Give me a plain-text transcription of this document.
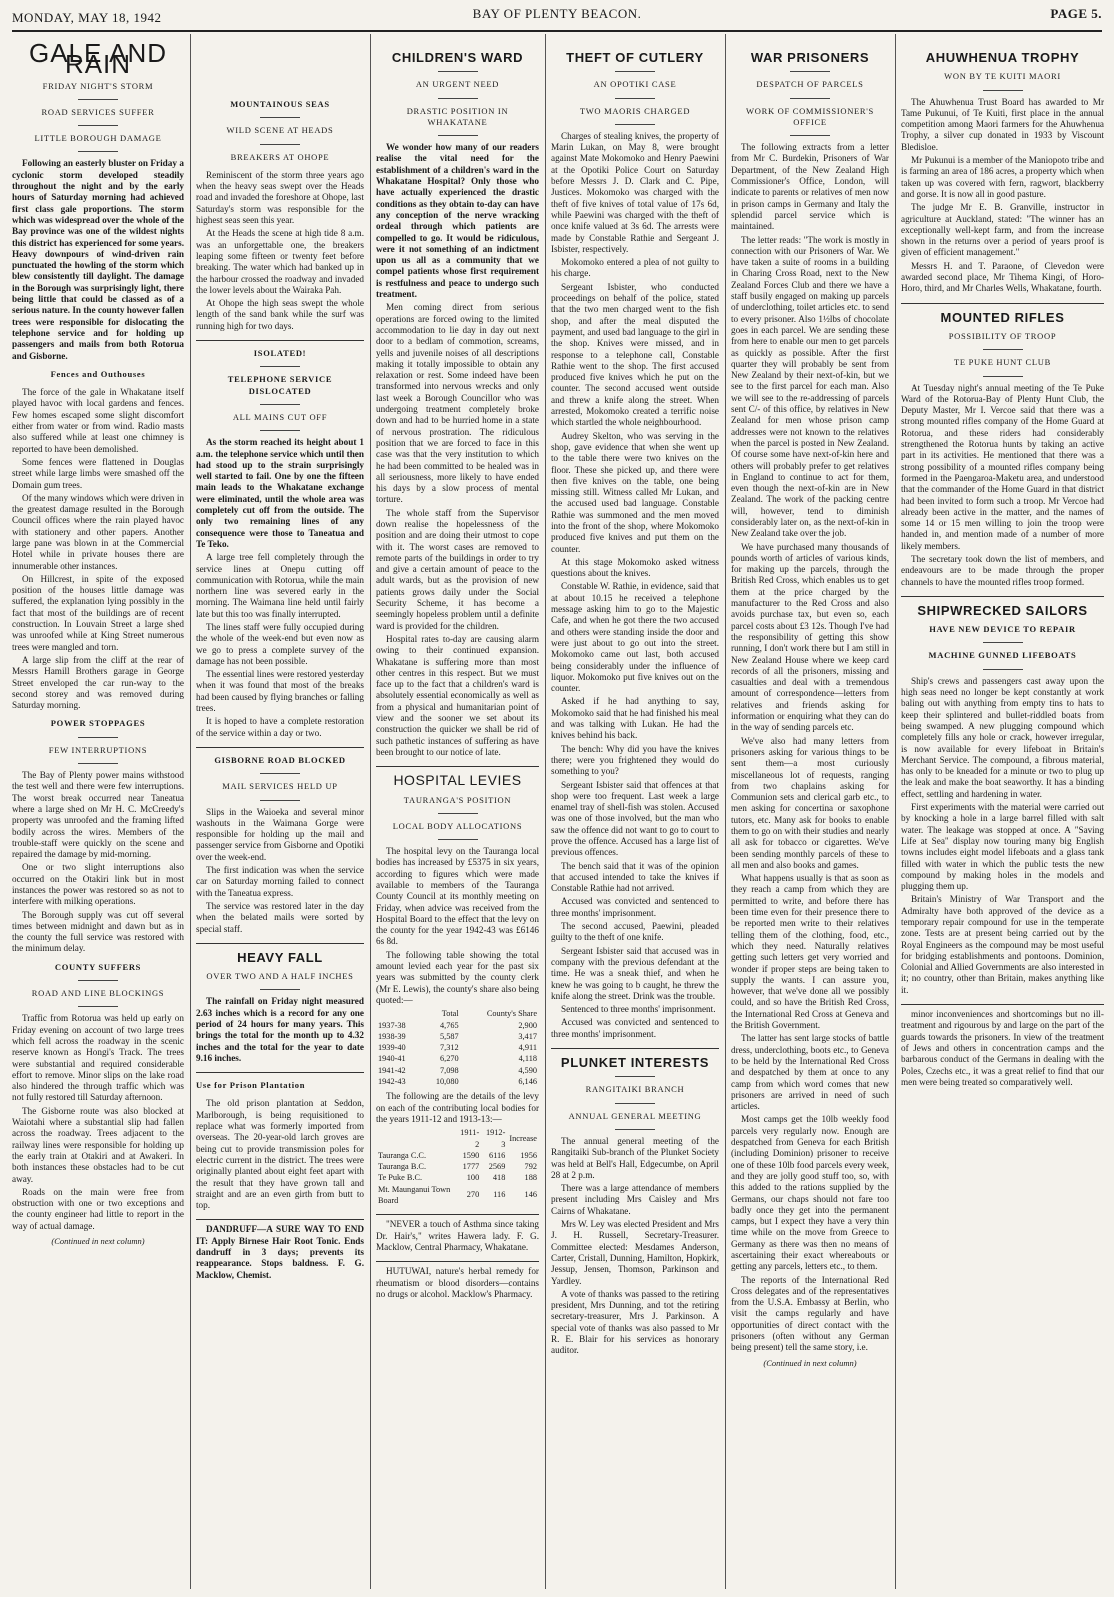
MONDAY, MAY 18, 1942	BAY OF PLENTY BEACON.	PAGE 5.
GALE AND RAIN
FRIDAY NIGHT'S STORM
ROAD SERVICES SUFFER
LITTLE BOROUGH DAMAGE

Following an easterly bluster on Friday a cyclonic storm developed steadily throughout the night and by the early hours of Saturday morning had achieved first class gale proportions. The storm which was widespread over the whole of the Bay province was one of the wildest nights this district has experienced for some years. Heavy downpours of wind-driven rain punctuated the howling of the storm which blew consistently till daylight. The damage in the Borough was surprisingly light, there being little that could be classed as of a serious nature. In the county however fallen trees were responsible for dislocating the telephone service and for holding up passengers and mails from both Rotorua and Gisborne.

Fences and Outhouses

The force of the gale in Whakatane itself played havoc with local gardens and fences. Few homes escaped some slight discomfort either from water or from wind. Radio masts also suffered while at least one chimney is reported to have been demolished.

Some fences were flattened in Douglas street while large limbs were smashed off the Domain gum trees.

Of the many windows which were driven in the greatest damage resulted in the Borough Council offices where the rain played havoc with stationery and other papers. Another large pane was blown in at the Commercial Hotel while in private houses there are innumerable other instances.

On Hillcrest, in spite of the exposed position of the houses little damage was suffered, the explanation lying possibly in the fact that most of the buildings are of recent construction. In Louvain Street a large shed was unroofed while at King Street numerous trees were mangled and torn.

A large slip from the cliff at the rear of Messrs Hamill Brothers garage in George Street enveloped the car run-way to the second storey and was removed during Saturday morning.

POWER STOPPAGES
FEW INTERRUPTIONS

The Bay of Plenty power mains withstood the test well and there were few interruptions. The worst break occurred near Taneatua where a large shed on Mr H. C. McCreedy's property was unroofed and the framing lifted bodily across the wires. Members of the trouble-staff were quickly on the scene and repaired the damage by mid-morning.

One or two slight interruptions also occurred on the Otakiri link but in most instances the power was restored so as not to interfere with milking operations.

The Borough supply was cut off several times between midnight and dawn but as in the county the full service was restored with the minimum delay.

COUNTY SUFFERS
ROAD AND LINE BLOCKINGS

Traffic from Rotorua was held up early on Friday evening on account of two large trees which fell across the roadway in the scenic reserve known as Hongi's Track. The trees were substantial and required considerable effort to remove. Minor slips on the lake road also hindered the through traffic which was not fully restored till Saturday afternoon.

The Gisborne route was also blocked at Waiotahi where a substantial slip had fallen across the roadway. Trees adjacent to the railway lines were responsible for holding up the early train at Otakiri and at Awakeri. In both instances these obstacles had to be cut away.

Roads on the main were free from obstruction with one or two exceptions and the county engineer had little to report in the way of actual damage.

(Continued in next column)
MOUNTAINOUS SEAS
WILD SCENE AT HEADS
BREAKERS AT OHOPE

Reminiscent of the storm three years ago when the heavy seas swept over the Heads road and invaded the foreshore at Ohope, last Saturday's storm was responsible for the highest seas seen this year.

At the Heads the scene at high tide 8 a.m. was an unforgettable one, the breakers leaping some fifteen or twenty feet before breaking. The water which had banked up in the harbour crossed the roadway and invaded the lower levels about the Wairaka Pah.

At Ohope the high seas swept the whole length of the sand bank while the surf was running high for two days.

ISOLATED!
TELEPHONE SERVICE DISLOCATED
ALL MAINS CUT OFF

As the storm reached its height about 1 a.m. the telephone service which until then had stood up to the strain surprisingly well started to fail. One by one the fifteen main leads to the Whakatane exchange were eliminated, until the whole area was completely cut off from the outside. The only two remaining lines of any consequence were those to Taneatua and Te Teko.

A large tree fell completely through the service lines at Onepu cutting off communication with Rotorua, while the main northern line was severed early in the morning. The Waimana line held until fairly late but this too was finally interrupted.

The lines staff were fully occupied during the whole of the week-end but even now as we go to press a complete survey of the damage has not been possible.

The essential lines were restored yesterday when it was found that most of the breaks had been caused by flying branches or falling trees.

It is hoped to have a complete restoration of the service within a day or two.

GISBORNE ROAD BLOCKED
MAIL SERVICES HELD UP

Slips in the Waioeka and several minor washouts in the Waimana Gorge were responsible for holding up the mail and passenger service from Gisborne and Opotiki over the week-end.

The first indication was when the service car on Saturday morning failed to connect with the Taneatua express.

The service was restored later in the day when the belated mails were sorted by special staff.

HEAVY FALL
OVER TWO AND A HALF INCHES

The rainfall on Friday night measured 2.63 inches which is a record for any one period of 24 hours for many years. This brings the total for the month up to 4.32 inches and the total for the year to date 9.16 inches.

Use for Prison Plantation

The old prison plantation at Seddon, Marlborough, is being requisitioned to replace what was formerly imported from overseas. The 20-year-old larch groves are being cut to provide transmission poles for electric current in the district. The trees were originally planted about eight feet apart with the result that they have grown tall and straight and are an even girth from butt to top.

DANDRUFF—A SURE WAY TO END IT: Apply Birnese Hair Root Tonic. Ends dandruff in 3 days; prevents its reappearance. Stops baldness. F. G. Macklow, Chemist.

CHILDREN'S WARD
AN URGENT NEED
DRASTIC POSITION IN WHAKATANE

We wonder how many of our readers realise the vital need for the establishment of a children's ward in the Whakatane Hospital? Only those who have actually experienced the drastic conditions as they obtain to-day can have any conception of the nerve wracking ordeal through which patients are compelled to go. It would be ridiculous, were it not something of an indictment upon us all as a community that we compel patients whose first requirement is restfulness and peace to undergo such treatment.

Men coming direct from serious operations are forced owing to the limited accommodation to lie day in day out next door to a bedlam of commotion, screams, yells and juvenile noises of all descriptions making it totally impossible to obtain any relaxation or rest. Some indeed have been transformed into nervous wrecks and only last week a Borough Councillor who was undergoing treatment completely broke down and had to be hurried home in a state of nervous prostration. The ridiculous position that we are forced to face in this case was that the very institution to which he had been committed to be healed was in all seriousness, more likely to have ended his days by a slow process of mental torture.

The whole staff from the Supervisor down realise the hopelessness of the position and are doing their utmost to cope with it. The worst cases are removed to remote parts of the buildings in order to try and give a certain amount of peace to the adult wards, but as the provision of new patients grows daily under the Social Security Scheme, it has become a seemingly hopeless problem until a definite ward is provided for the children.

Hospital rates to-day are causing alarm owing to their continued expansion. Whakatane is suffering more than most other centres in this respect. But we must face up to the fact that a children's ward is absolutely essential economically as well as from a physical and humanitarian point of view and the sooner we set about its construction the quicker we shall be rid of such pathetic instances of suffering as have been brought to our notice of late.

HOSPITAL LEVIES
TAURANGA'S POSITION
LOCAL BODY ALLOCATIONS

The hospital levy on the Tauranga local bodies has increased by £5375 in six years, according to figures which were made available to members of the Tauranga County Council at its monthly meeting on Friday, when advice was received from the Hospital Board to the effect that the levy on the county for the year 1942-43 was £6146 6s 8d.

The following table showing the total amount levied each year for the past six years was submitted by the county clerk (Mr E. Lewis), the county's share also being quoted:—

	Total	County's Share
1937-38	4,765	2,900
1938-39	5,587	3,417
1939-40	7,312	4,911
1940-41	6,270	4,118
1941-42	7,098	4,590
1942-43	10,080	6,146

The following are the details of the levy on each of the contributing local bodies for the years 1911-12 and 1913-13:—

	1911-2	1912-3	Increase
Tauranga C.C.	1590	6116	1956
Tauranga B.C.	1777	2569	792
Te Puke B.C.	100	418	188
Mt. Maunganui Town Board	270	116	146

"NEVER a touch of Asthma since taking Dr. Hair's," writes Hawera lady. F. G. Macklow, Central Pharmacy, Whakatane.

HUTUWAI, nature's herbal remedy for rheumatism or blood disorders—contains no drugs or alcohol. Macklow's Pharmacy.

THEFT OF CUTLERY
AN OPOTIKI CASE
TWO MAORIS CHARGED

Charges of stealing knives, the property of Marin Lukan, on May 8, were brought against Mate Mokomoko and Henry Paewini at the Opotiki Police Court on Saturday before Messrs J. D. Clark and C. Pipe, Justices. Mokomoko was charged with the theft of five knives of total value of 17s 6d, while Paewini was charged with the theft of once knife valued at 3s 6d. The arrests were made by Constable Rathie and Sergeant J. Isbister, respectively.

Mokomoko entered a plea of not guilty to his charge.

Sergeant Isbister, who conducted proceedings on behalf of the police, stated that the two men charged went to the fish shop, and after the meal disputed the payment, and used bad language to the girl in the shop. Knives were missed, and in response to a telephone call, Constable Rathie went to the shop. The first accused produced five knives which he put on the counter. The second accused went outside and threw a knife along the street. When arrested, Mokomoko created a terrific noise which startled the whole neighbourhood.

Audrey Skelton, who was serving in the shop, gave evidence that when she went up to the table there were two knives on the floor. These she picked up, and there were then five knives on the table, one being missing still. Witness called Mr Lukan, and the accused used bad language. Constable Rathie was summoned and the men moved into the front of the shop, where Mokomoko produced five knives and put them on the counter.

At this stage Mokomoko asked witness questions about the knives.

Constable W. Rathie, in evidence, said that at about 10.15 he received a telephone message asking him to go to the Majestic Cafe, and when he got there the two accused and others were standing inside the door and were just about to go out into the street. Mokomoko came out last, both accused being considerably under the influence of liquor. Mokomoko put five knives out on the counter.

Asked if he had anything to say, Mokomoko said that he had finished his meal and was talking with Lukan. He had the knives behind his back.

The bench: Why did you have the knives there; were you frightened they would do something to you?

Sergeant Isbister said that offences at that shop were too frequent. Last week a large enamel tray of shell-fish was stolen. Accused was one of those involved, but the man who saw the offence did not want to go to court to prove the offence. Accused has a large list of previous offences.

The bench said that it was of the opinion that accused intended to take the knives if Constable Rathie had not arrived.

Accused was convicted and sentenced to three months' imprisonment.

The second accused, Paewini, pleaded guilty to the theft of one knife.

Sergeant Isbister said that accused was in company with the previous defendant at the time. He was a sneak thief, and when he knew he was going to b caught, he threw the knife along the street. Drink was the trouble.

Sentenced to three months' imprisonment.

Accused was convicted and sentenced to three months' imprisonment.

PLUNKET INTERESTS
RANGITAIKI BRANCH
ANNUAL GENERAL MEETING

The annual general meeting of the Rangitaiki Sub-branch of the Plunket Society was held at Bell's Hall, Edgecumbe, on April 28 at 2 p.m.

There was a large attendance of members present including Mrs Caisley and Mrs Cairns of Whakatane.

Mrs W. Ley was elected President and Mrs J. H. Russell, Secretary-Treasurer. Committee elected: Mesdames Anderson, Carter, Cristall, Dunning, Hamilton, Hopkirk, Jessup, Jensen, Thomson, Parkinson and Yardley.

A vote of thanks was passed to the retiring president, Mrs Dunning, and tot the retiring secretary-treasurer, Mrs J. Parkinson. A special vote of thanks was also passed to Mr R. E. Blair for his services as honorary auditor.

WAR PRISONERS
DESPATCH OF PARCELS
WORK OF COMMISSIONER'S OFFICE

The following extracts from a letter from Mr C. Burdekin, Prisoners of War Department, of the New Zealand High Commissioner's Office, London, will indicate to parents or relatives of men now in prison camps in Germany and Italy the splendid parcel service which is maintained.

The letter reads: "The work is mostly in connection with our Prisoners of War. We have taken a suite of rooms in a building in Charing Cross Road, next to the New Zealand Forces Club and there we have a staff busily engaged on making up parcels of underclothing, toilet articles etc. to send to every prisoner. Also 1½lbs of chocolate goes in each parcel. We are sending these from here to enable our men to get parcels as quickly as possible. After the first quarter they will probably be sent from New Zealand by their next-of-kin, but we see to the first parcel for each man. Also we will see to the re-addressing of parcels sent C/- of this office, by relatives in New Zealand for men whose prison camp addresses were not known to the relatives when the parcel is posted in New Zealand. Of course some have next-of-kin here and others will probably prefer to get relatives in England to continue to act for them, even though the next-of-kin are in New Zealand. The work of the packing centre will, however, tend to diminish considerably later on, as the next-of-kin in New Zealand take over the job.

We have purchased many thousands of pounds worth of articles of various kinds, for making up the parcels, through the British Red Cross, which enables us to get them at the price charged by the manufacturer to the Red Cross and also avoids purchase tax, but even so, each parcel costs about £3 12s. Though I've had the responsibility of getting this show running, I don't work there but I am still in New Zealand House where we keep card records of all the prisoners, missing and casualties and deal with a tremendous amount of correspondence—letters from relatives and friends asking for information or enquiring what they can do in the way of sending parcels etc.

We've also had many letters from prisoners asking for various things to be sent them—a most curiously miscellaneous lot of requests, ranging from two chaplains asking for Communion sets and clerical garb etc., to men asking for concertina or saxophone tutors, etc. Many ask for books to enable them to go on with their studies and nearly all ask for tobacco or cigarettes. We've been sending monthly parcels of these to all men and also books and games.

What happens usually is that as soon as they reach a camp from which they are permitted to write, and before there has been time even for their presence there to be reported men write to their relatives telling them of the clothing, food, etc., which they need. Naturally relatives getting such letters get very worried and wonder if proper steps are being taken to supply the wants. I can assure you, however, that we've done all we possibly could, and so have the British Red Cross, the International Red Cross at Geneva and the British Government.

The latter has sent large stocks of battle dress, underclothing, boots etc., to Geneva to be held by the International Red Cross and despatched by them at once to any camp from which word comes that new prisoners are arrived in need of such articles.

Most camps get the 10lb weekly food parcels very regularly now. Enough are despatched from Geneva for each British (including Dominion) prisoner to receive one of these 10lb food parcels every week, and they are jolly good stuff too, so, with this added to the rations supplied by the Germans, our chaps should not fare too badly once they get into the permanent camps, but I expect they have a very thin time while on the move from Greece to Germany as there was then no means of ascertaining their exact whereabouts or getting any parcels, letters etc., to them.

The reports of the International Red Cross delegates and of the representatives from the U.S.A. Embassy at Berlin, who visit the camps regularly and have opportunities of direct contact with the prisoners (often without any German being present) tell the same story, i.e.

(Continued in next column)
AHUWHENUA TROPHY
WON BY TE KUITI MAORI

The Ahuwhenua Trust Board has awarded to Mr Tame Pukunui, of Te Kuiti, first place in the annual competition among Maori farmers for the Ahuwhenua Trophy, a silver cup donated in 1933 by Viscount Bledisloe.

Mr Pukunui is a member of the Maniopoto tribe and is farming an area of 186 acres, a property which when taken up was covered with fern, ragwort, blackberry and gorse. It is now all in good pasture.

The judge Mr E. B. Granville, instructor in agriculture at Auckland, stated: "The winner has an exceptionally well-kept farm, and from the increase shown in the returns over a period of years proof is given of efficient management."

Messrs H. and T. Paraone, of Clevedon were awarded second place, Mr Tihema Kingi, of Horo-Horo, third, and Mr Charles Wells, Whakatane, fourth.

MOUNTED RIFLES
POSSIBILITY OF TROOP
TE PUKE HUNT CLUB

At Tuesday night's annual meeting of the Te Puke Ward of the Rotorua-Bay of Plenty Hunt Club, the Deputy Master, Mr I. Vercoe said that there was a strong mounted rifles company of the Home Guard at Rotorua, and these riders had considerably strengthened the Rotorua hunts by taking an active part in its activities. He mentioned that there was a strong possibility of a mounted rifles company being formed in the Paengaroa-Maketu area, and understood that the commander of the Home Guard in that district had been invited to form such a troop. Mr Vercoe had already been active in the matter, and the names of some 14 or 15 men willing to join the troop were handed in, and mention made of a number of more likely members.

The secretary took down the list of members, and endeavours are to be made through the proper channels to have the mounted rifles troop formed.

SHIPWRECKED SAILORS
HAVE NEW DEVICE TO REPAIR
MACHINE GUNNED LIFEBOATS

Ship's crews and passengers cast away upon the high seas need no longer be kept constantly at work baling out with anything from empty tins to hats to keep their splintered and bullet-riddled boats from being swamped. A new plugging compound which completely fills any hole or crack, however irregular, is now available for every lifeboat in Britain's Merchant Service. The compound, a fibrous material, has only to be kneaded for a minute or two to plug up the leak and make the boat seaworthy. It has a binding effect, settling and hardening in water.

First experiments with the material were carried out by knocking a hole in a large barrel filled with salt water. The leakage was stopped at once. A "Saving Life at Sea" display now touring many big English towns includes eight model lifeboats and a glass tank filled with water in which the public tests the new compound by making holes in the models and plugging them up.

Britain's Ministry of War Transport and the Admiralty have both approved of the device as a temporary repair compound for use in the temperate zone. Tests are at present being carried out by the Royal Engineers as the compound may be most useful for bridging establishments and pontoons. Dominion, Colonial and Allied Governments are also interested in it; no country, other than Britain, makes anything like it.

minor inconveniences and shortcomings but no ill-treatment and rigourous by and large on the part of the guards towards the prisoners. In view of the treatment of Jews and others in concentration camps and the barbarous conduct of the Germans in dealing with the Poles, Czechs etc., it was a great relief to find that our men were being treated so comparatively well.
